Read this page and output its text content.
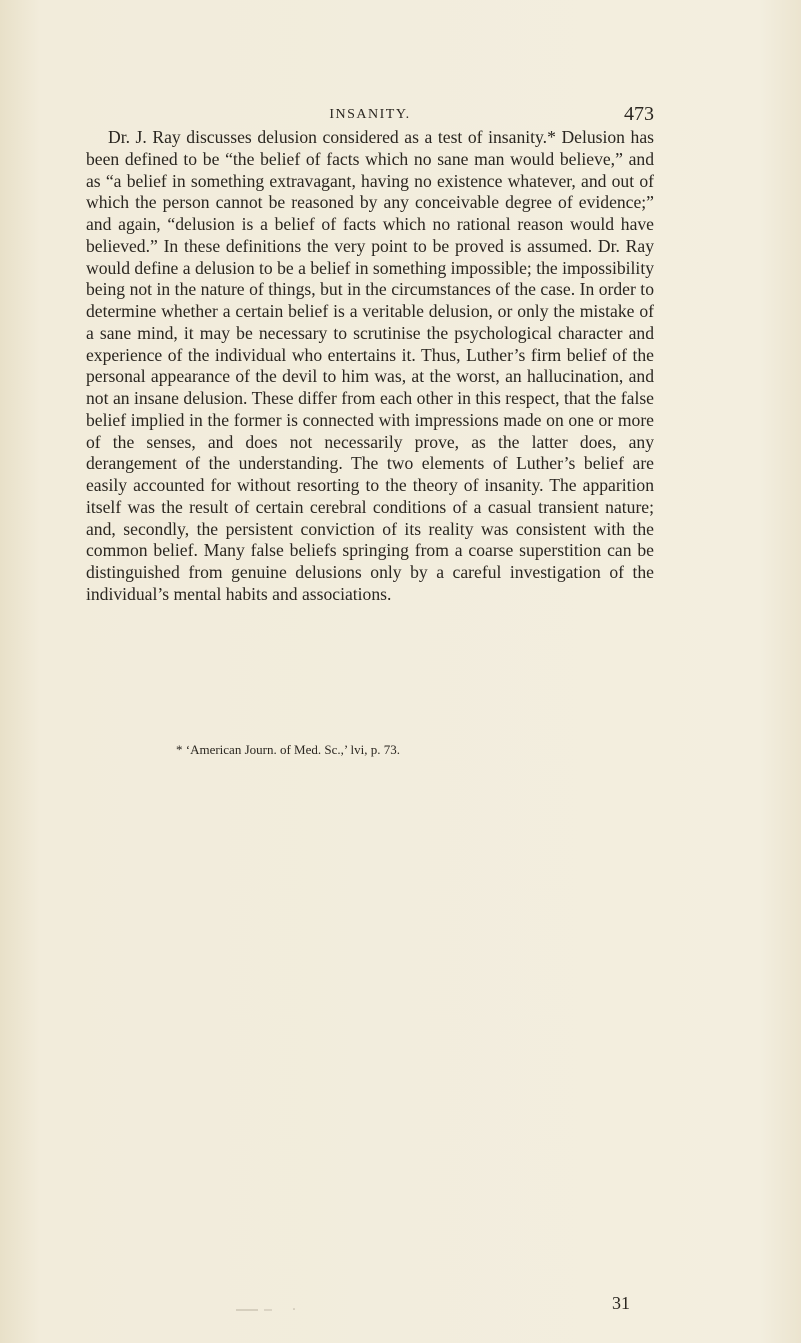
INSANITY.	473

Dr. J. Ray discusses delusion considered as a test of insanity.* Delusion has been defined to be “the belief of facts which no sane man would believe,” and as “a belief in something extravagant, having no existence whatever, and out of which the person cannot be reasoned by any conceivable degree of evidence;” and again, “delusion is a belief of facts which no rational reason would have believed.” In these definitions the very point to be proved is assumed. Dr. Ray would define a delusion to be a belief in something impossible; the impossibility being not in the nature of things, but in the circumstances of the case. In order to determine whether a certain belief is a veritable delusion, or only the mistake of a sane mind, it may be necessary to scrutinise the psychological character and experience of the individual who entertains it. Thus, Luther’s firm belief of the personal appearance of the devil to him was, at the worst, an hallucination, and not an insane delusion. These differ from each other in this respect, that the false belief implied in the former is connected with impressions made on one or more of the senses, and does not necessarily prove, as the latter does, any derangement of the understanding. The two elements of Luther’s belief are easily accounted for without resorting to the theory of insanity. The apparition itself was the result of certain cerebral conditions of a casual transient nature; and, secondly, the persistent conviction of its reality was consistent with the common belief. Many false beliefs springing from a coarse superstition can be distinguished from genuine delusions only by a careful investigation of the individual’s mental habits and associations.

* ‘American Journ. of Med. Sc.,’ lvi, p. 73.

31
